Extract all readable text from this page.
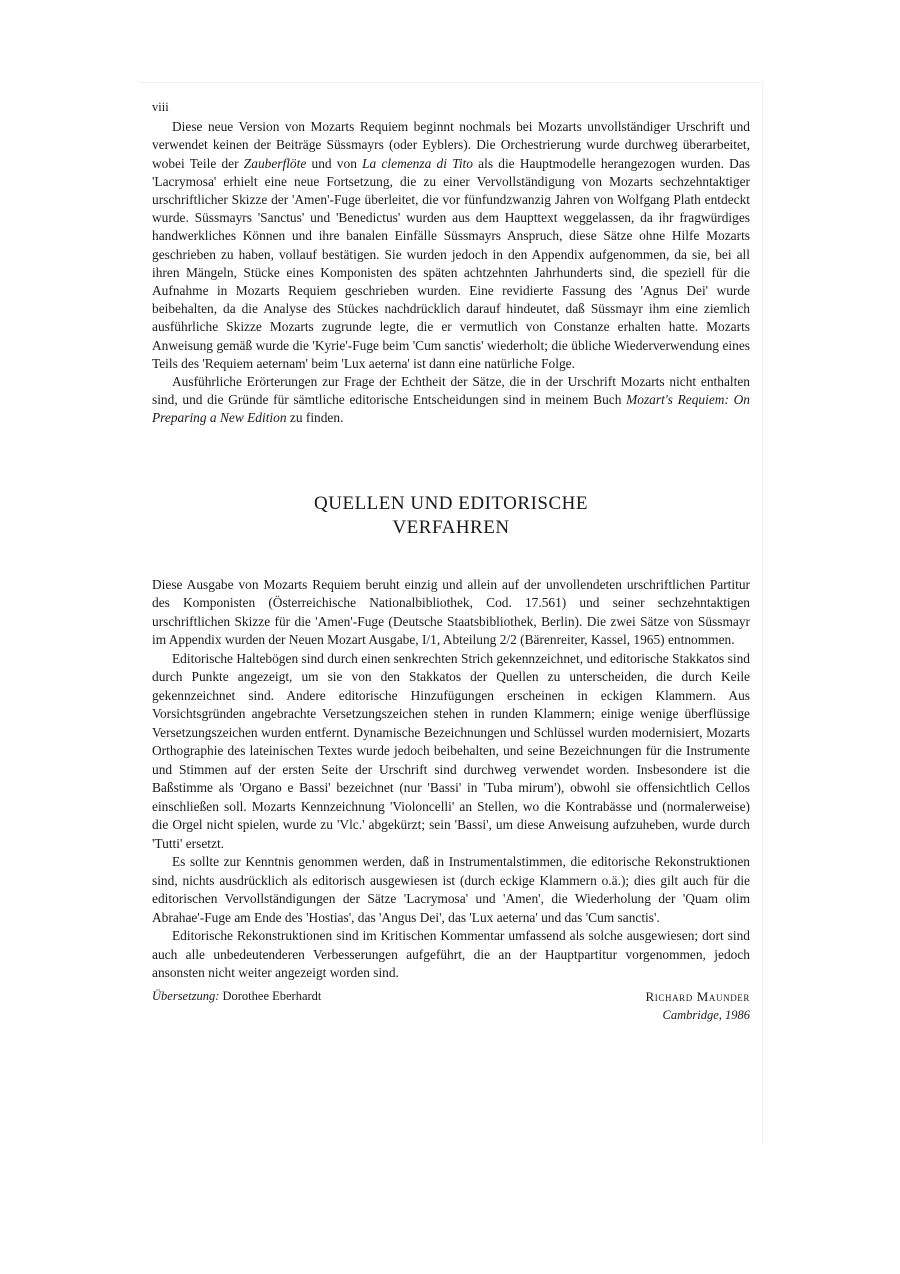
viii

Diese neue Version von Mozarts Requiem beginnt nochmals bei Mozarts unvollständiger Urschrift und verwendet keinen der Beiträge Süssmayrs (oder Eyblers). Die Orchestrierung wurde durchweg überarbeitet, wobei Teile der Zauberflöte und von La clemenza di Tito als die Hauptmodelle herangezogen wurden. Das 'Lacrymosa' erhielt eine neue Fortsetzung, die zu einer Vervollständigung von Mozarts sechzehntaktiger urschriftlicher Skizze der 'Amen'-Fuge überleitet, die vor fünfundzwanzig Jahren von Wolfgang Plath entdeckt wurde. Süssmayrs 'Sanctus' und 'Benedictus' wurden aus dem Haupttext weggelassen, da ihr fragwürdiges handwerkliches Können und ihre banalen Einfälle Süssmayrs Anspruch, diese Sätze ohne Hilfe Mozarts geschrieben zu haben, vollauf bestätigen. Sie wurden jedoch in den Appendix aufgenommen, da sie, bei all ihren Mängeln, Stücke eines Komponisten des späten achtzehnten Jahrhunderts sind, die speziell für die Aufnahme in Mozarts Requiem geschrieben wurden. Eine revidierte Fassung des 'Agnus Dei' wurde beibehalten, da die Analyse des Stückes nachdrücklich darauf hindeutet, daß Süssmayr ihm eine ziemlich ausführliche Skizze Mozarts zugrunde legte, die er vermutlich von Constanze erhalten hatte. Mozarts Anweisung gemäß wurde die 'Kyrie'-Fuge beim 'Cum sanctis' wiederholt; die übliche Wiederverwendung eines Teils des 'Requiem aeternam' beim 'Lux aeterna' ist dann eine natürliche Folge.

Ausführliche Erörterungen zur Frage der Echtheit der Sätze, die in der Urschrift Mozarts nicht enthalten sind, und die Gründe für sämtliche editorische Entscheidungen sind in meinem Buch Mozart's Requiem: On Preparing a New Edition zu finden.

QUELLEN UND EDITORISCHE
VERFAHREN

Diese Ausgabe von Mozarts Requiem beruht einzig und allein auf der unvollendeten urschriftlichen Partitur des Komponisten (Österreichische Nationalbibliothek, Cod. 17.561) und seiner sechzehntaktigen urschriftlichen Skizze für die 'Amen'-Fuge (Deutsche Staatsbibliothek, Berlin). Die zwei Sätze von Süssmayr im Appendix wurden der Neuen Mozart Ausgabe, I/1, Abteilung 2/2 (Bärenreiter, Kassel, 1965) entnommen.

Editorische Haltebögen sind durch einen senkrechten Strich gekennzeichnet, und editorische Stakkatos sind durch Punkte angezeigt, um sie von den Stakkatos der Quellen zu unterscheiden, die durch Keile gekennzeichnet sind. Andere editorische Hinzufügungen erscheinen in eckigen Klammern. Aus Vorsichtsgründen angebrachte Versetzungszeichen stehen in runden Klammern; einige wenige überflüssige Versetzungszeichen wurden entfernt. Dynamische Bezeichnungen und Schlüssel wurden modernisiert, Mozarts Orthographie des lateinischen Textes wurde jedoch beibehalten, und seine Bezeichnungen für die Instrumente und Stimmen auf der ersten Seite der Urschrift sind durchweg verwendet worden. Insbesondere ist die Baßstimme als 'Organo e Bassi' bezeichnet (nur 'Bassi' in 'Tuba mirum'), obwohl sie offensichtlich Cellos einschließen soll. Mozarts Kennzeichnung 'Violoncelli' an Stellen, wo die Kontrabässe und (normalerweise) die Orgel nicht spielen, wurde zu 'Vlc.' abgekürzt; sein 'Bassi', um diese Anweisung aufzuheben, wurde durch 'Tutti' ersetzt.

Es sollte zur Kenntnis genommen werden, daß in Instrumentalstimmen, die editorische Rekonstruktionen sind, nichts ausdrücklich als editorisch ausgewiesen ist (durch eckige Klammern o.ä.); dies gilt auch für die editorischen Vervollständigungen der Sätze 'Lacrymosa' und 'Amen', die Wiederholung der 'Quam olim Abrahae'-Fuge am Ende des 'Hostias', das 'Angus Dei', das 'Lux aeterna' und das 'Cum sanctis'.

Editorische Rekonstruktionen sind im Kritischen Kommentar umfassend als solche ausgewiesen; dort sind auch alle unbedeutenderen Verbesserungen aufgeführt, die an der Hauptpartitur vorgenommen, jedoch ansonsten nicht weiter angezeigt worden sind.

Übersetzung: Dorothee Eberhardt	Richard Maunder
Cambridge, 1986
